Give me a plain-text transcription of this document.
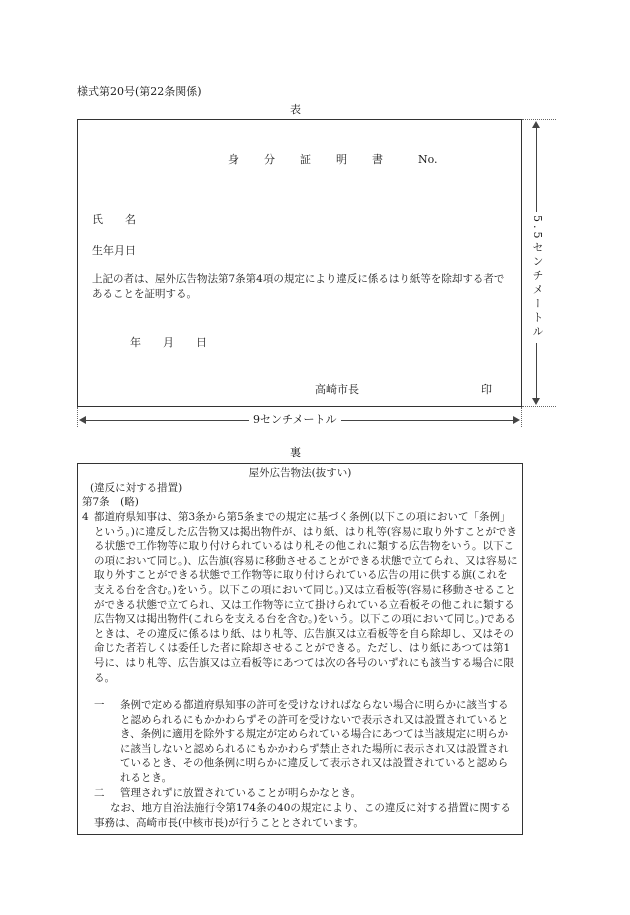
様式第20号(第22条関係)
表
身　　分　　証　　明　　書	No.
氏　　名
生年月日
上記の者は、屋外広告物法第7条第4項の規定により違反に係るはり紙等を除却する者であることを証明する。
年　　月　　日
高崎市長	印
5.5センチメートル
9センチメートル
裏
屋外広告物法(抜すい)
(違反に対する措置)
第7条　(略)
4 都道府県知事は、第3条から第5条までの規定に基づく条例(以下この項において「条例」という。)に違反した広告物又は掲出物件が、はり紙、はり札等(容易に取り外すことができる状態で工作物等に取り付けられているはり札その他これに類する広告物をいう。以下この項において同じ。)、広告旗(容易に移動させることができる状態で立てられ、又は容易に取り外すことができる状態で工作物等に取り付けられている広告の用に供する旗(これを支える台を含む。)をいう。以下この項において同じ。)又は立看板等(容易に移動させることができる状態で立てられ、又は工作物等に立て掛けられている立看板その他これに類する広告物又は掲出物件(これらを支える台を含む。)をいう。以下この項において同じ。)であるときは、その違反に係るはり紙、はり札等、広告旗又は立看板等を自ら除却し、又はその命じた者若しくは委任した者に除却させることができる。ただし、はり紙にあつては第1号に、はり札等、広告旗又は立看板等にあつては次の各号のいずれにも該当する場合に限る。
一 条例で定める都道府県知事の許可を受けなければならない場合に明らかに該当すると認められるにもかかわらずその許可を受けないで表示され又は設置されているとき、条例に適用を除外する規定が定められている場合にあつては当該規定に明らかに該当しないと認められるにもかかわらず禁止された場所に表示され又は設置されているとき、その他条例に明らかに違反して表示され又は設置されていると認められるとき。
二 管理されずに放置されていることが明らかなとき。
なお、地方自治法施行令第174条の40の規定により、この違反に対する措置に関する事務は、高崎市長(中核市長)が行うこととされています。
